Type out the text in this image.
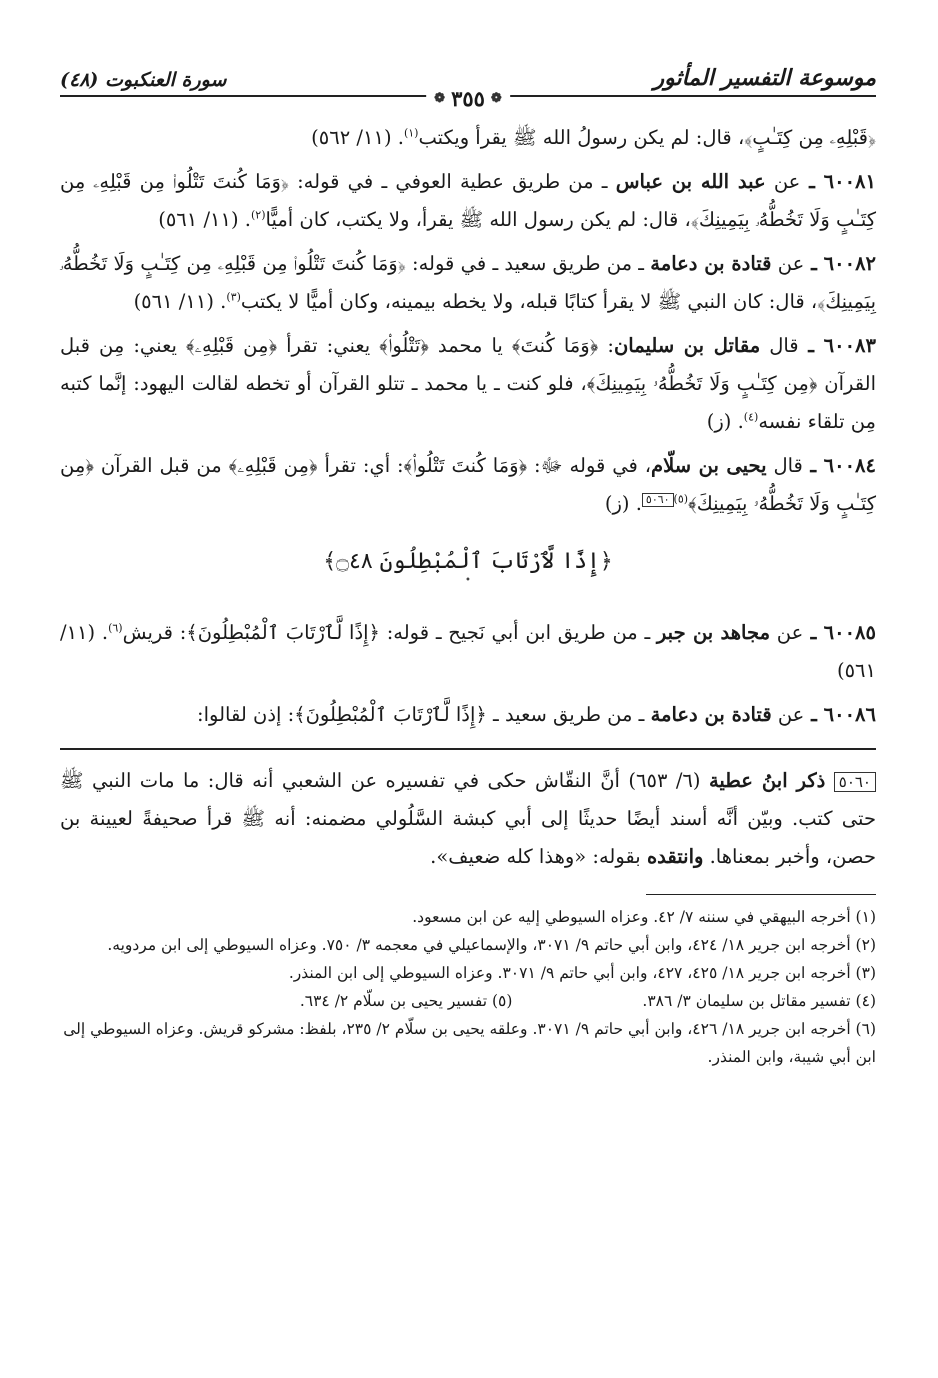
موسوعة التفسير المأثور
❁
٣٥٥
❁
سورة العنكبوت (٤٨)

﴿قَبْلِهِۦ مِن كِتَـٰبٍ﴾، قال: لم يكن رسولُ الله ﷺ يقرأ ويكتب$^{(١)}$. (١١/ ٥٦٢)

٦٠٠٨١ ـ عن عبد الله بن عباس ـ من طريق عطية العوفي ـ في قوله: ﴿وَمَا كُنتَ تَتْلُوا۟ مِن قَبْلِهِۦ مِن كِتَـٰبٍ وَلَا تَخُطُّهُۥ بِيَمِينِكَ﴾، قال: لم يكن رسول الله ﷺ يقرأ، ولا يكتب، كان أميًّا$^{(٢)}$. (١١/ ٥٦١)

٦٠٠٨٢ ـ عن قتادة بن دعامة ـ من طريق سعيد ـ في قوله: ﴿وَمَا كُنتَ تَتْلُوا۟ مِن قَبْلِهِۦ مِن كِتَـٰبٍ وَلَا تَخُطُّهُۥ بِيَمِينِكَ﴾، قال: كان النبي ﷺ لا يقرأ كتابًا قبله، ولا يخطه بيمينه، وكان أميًّا لا يكتب$^{(٣)}$. (١١/ ٥٦١)

٦٠٠٨٣ ـ قال مقاتل بن سليمان: ﴿وَمَا كُنتَ﴾ يا محمد ﴿تَتْلُوا۟﴾ يعني: تقرأ ﴿مِن قَبْلِهِۦ﴾ يعني: مِن قبل القرآن ﴿مِن كِتَـٰبٍ وَلَا تَخُطُّهُۥ بِيَمِينِكَ﴾، فلو كنت ـ يا محمد ـ تتلو القرآن أو تخطه لقالت اليهود: إنَّما كتبه مِن تلقاء نفسه$^{(٤)}$. (ز)

٦٠٠٨٤ ـ قال يحيى بن سلّام، في قوله ﷻ: ﴿وَمَا كُنتَ تَتْلُوا۟﴾: أي: تقرأ ﴿مِن قَبْلِهِۦ﴾ من قبل القرآن ﴿مِن كِتَـٰبٍ وَلَا تَخُطُّهُۥ بِيَمِينِكَ﴾$^{(٥)}$٥٠٦٠. (ز)

﴿إِذًا لَّٱرْتَابَ ٱلْمُبْطِلُونَ ۝٤٨﴾
•

٦٠٠٨٥ ـ عن مجاهد بن جبر ـ من طريق ابن أبي نَجيح ـ قوله: ﴿إِذًا لَّٱرْتَابَ ٱلْمُبْطِلُونَ﴾: قريش$^{(٦)}$. (١١/ ٥٦١)

٦٠٠٨٦ ـ عن قتادة بن دعامة ـ من طريق سعيد ـ ﴿إِذًا لَّٱرْتَابَ ٱلْمُبْطِلُونَ﴾: إذن لقالوا:

٥٠٦٠ ذكر ابنُ عطية (٦/ ٦٥٣) أنَّ النقّاش حكى في تفسيره عن الشعبي أنه قال: ما مات النبي ﷺ حتى كتب. وبيّن أنَّه أسند أيضًا حديثًا إلى أبي كبشة السَّلُولي مضمنه: أنه ﷺ قرأ صحيفةً لعيينة بن حصن، وأخبر بمعناها. وانتقده بقوله: «وهذا كله ضعيف».

(١) أخرجه البيهقي في سننه ٧/ ٤٢. وعزاه السيوطي إليه عن ابن مسعود.

(٢) أخرجه ابن جرير ١٨/ ٤٢٤، وابن أبي حاتم ٩/ ٣٠٧١، والإسماعيلي في معجمه ٣/ ٧٥٠. وعزاه السيوطي إلى ابن مردويه.

(٣) أخرجه ابن جرير ١٨/ ٤٢٥، ٤٢٧، وابن أبي حاتم ٩/ ٣٠٧١. وعزاه السيوطي إلى ابن المنذر.

(٤) تفسير مقاتل بن سليمان ٣/ ٣٨٦.
(٥) تفسير يحيى بن سلّام ٢/ ٦٣٤.

(٦) أخرجه ابن جرير ١٨/ ٤٢٦، وابن أبي حاتم ٩/ ٣٠٧١. وعلقه يحيى بن سلّام ٢/ ٢٣٥، بلفظ: مشركو قريش. وعزاه السيوطي إلى ابن أبي شيبة، وابن المنذر.
